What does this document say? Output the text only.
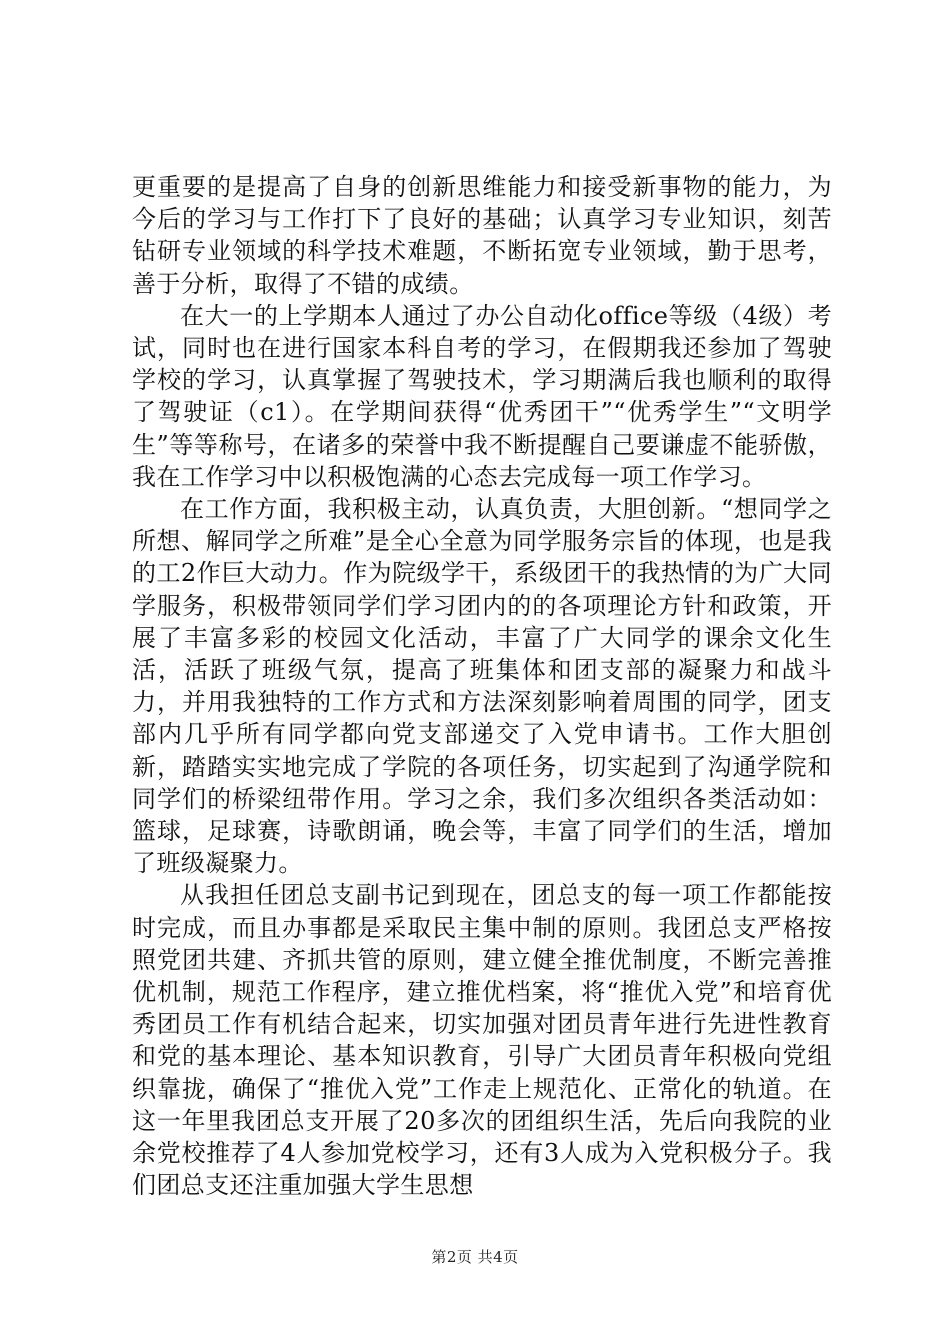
更重要的是提高了自身的创新思维能力和接受新事物的能力，为今后的学习与工作打下了良好的基础；认真学习专业知识，刻苦钻研专业领域的科学技术难题，不断拓宽专业领域，勤于思考，善于分析，取得了不错的成绩。

在大一的上学期本人通过了办公自动化office等级（4级）考试，同时也在进行国家本科自考的学习，在假期我还参加了驾驶学校的学习，认真掌握了驾驶技术，学习期满后我也顺利的取得了驾驶证（c1）。在学期间获得“优秀团干”“优秀学生”“文明学生”等等称号，在诸多的荣誉中我不断提醒自己要谦虚不能骄傲，我在工作学习中以积极饱满的心态去完成每一项工作学习。

在工作方面，我积极主动，认真负责，大胆创新。“想同学之所想、解同学之所难”是全心全意为同学服务宗旨的体现，也是我的工2作巨大动力。作为院级学干，系级团干的我热情的为广大同学服务，积极带领同学们学习团内的的各项理论方针和政策，开展了丰富多彩的校园文化活动，丰富了广大同学的课余文化生活，活跃了班级气氛，提高了班集体和团支部的凝聚力和战斗力，并用我独特的工作方式和方法深刻影响着周围的同学，团支部内几乎所有同学都向党支部递交了入党申请书。工作大胆创新，踏踏实实地完成了学院的各项任务，切实起到了沟通学院和同学们的桥梁纽带作用。学习之余，我们多次组织各类活动如：篮球，足球赛，诗歌朗诵，晚会等，丰富了同学们的生活，增加了班级凝聚力。

从我担任团总支副书记到现在，团总支的每一项工作都能按时完成，而且办事都是采取民主集中制的原则。我团总支严格按照党团共建、齐抓共管的原则，建立健全推优制度，不断完善推优机制，规范工作程序，建立推优档案，将“推优入党”和培育优秀团员工作有机结合起来，切实加强对团员青年进行先进性教育和党的基本理论、基本知识教育，引导广大团员青年积极向党组织靠拢，确保了“推优入党”工作走上规范化、正常化的轨道。在这一年里我团总支开展了20多次的团组织生活，先后向我院的业余党校推荐了4人参加党校学习，还有3人成为入党积极分子。我们团总支还注重加强大学生思想

第2页 共4页
